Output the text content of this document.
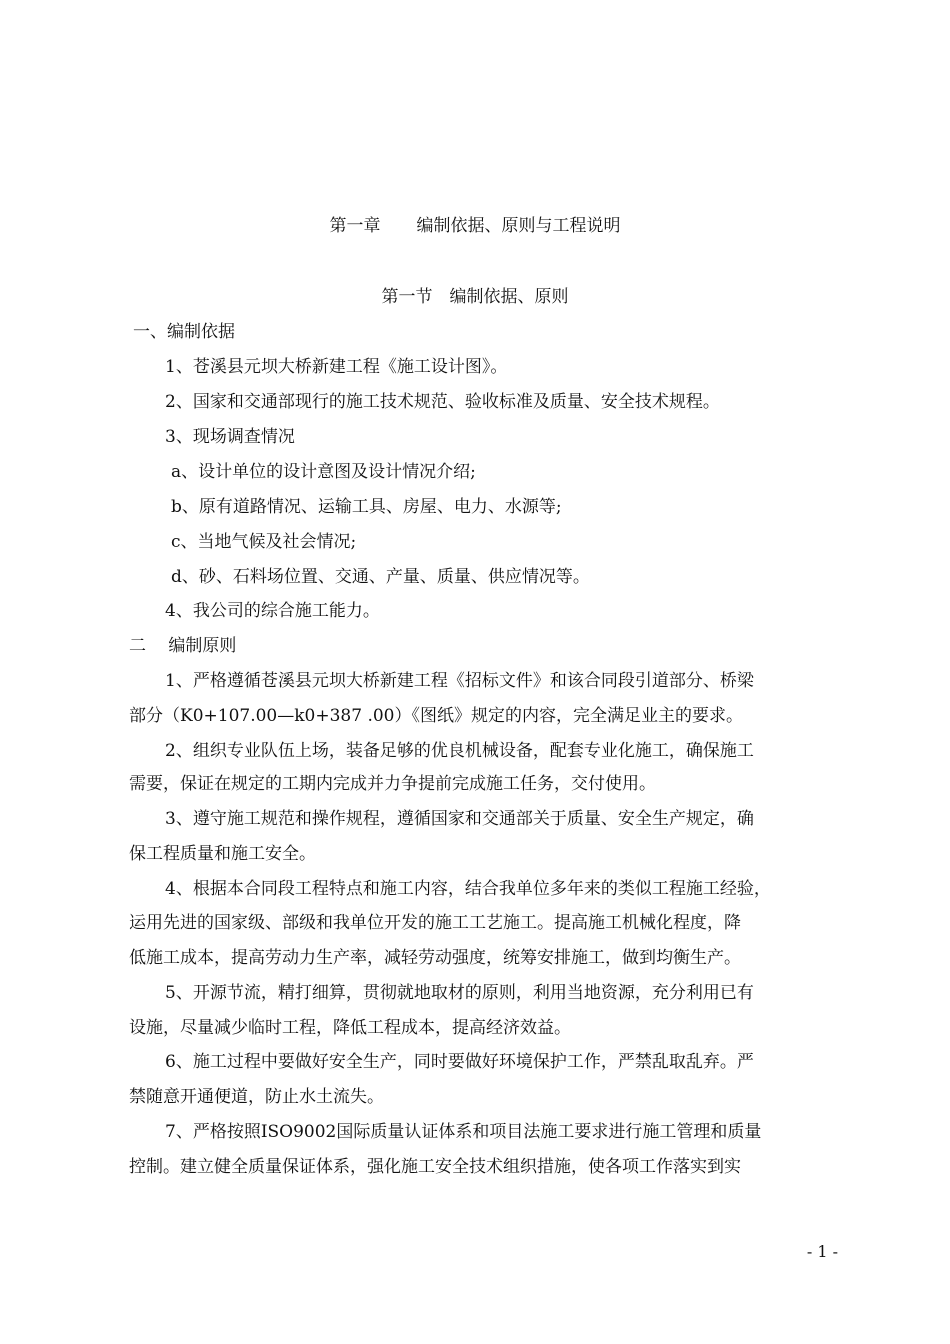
第一章 编制依据、原则与工程说明

第一节　编制依据、原则

一、编制依据

1、苍溪县元坝大桥新建工程《施工设计图》。

2、国家和交通部现行的施工技术规范、验收标准及质量、安全技术规程。

3、现场调查情况

a、设计单位的设计意图及设计情况介绍;

b、原有道路情况、运输工具、房屋、电力、水源等;

c、当地气候及社会情况;

d、砂、石料场位置、交通、产量、质量、供应情况等。

4、我公司的综合施工能力。

二　 编制原则

1、严格遵循苍溪县元坝大桥新建工程《招标文件》和该合同段引道部分、桥梁

部分（K0+107.00—k0+387 .00）《图纸》规定的内容，完全满足业主的要求。

2、组织专业队伍上场，装备足够的优良机械设备，配套专业化施工，确保施工

需要，保证在规定的工期内完成并力争提前完成施工任务，交付使用。

3、遵守施工规范和操作规程，遵循国家和交通部关于质量、安全生产规定，确

保工程质量和施工安全。

4、根据本合同段工程特点和施工内容，结合我单位多年来的类似工程施工经验，

运用先进的国家级、部级和我单位开发的施工工艺施工。提高施工机械化程度，降

低施工成本，提高劳动力生产率，减轻劳动强度，统筹安排施工，做到均衡生产。

5、开源节流，精打细算，贯彻就地取材的原则，利用当地资源，充分利用已有

设施，尽量减少临时工程，降低工程成本，提高经济效益。

6、施工过程中要做好安全生产，同时要做好环境保护工作，严禁乱取乱弃。严

禁随意开通便道，防止水土流失。

7、严格按照ISO9002国际质量认证体系和项目法施工要求进行施工管理和质量

控制。建立健全质量保证体系，强化施工安全技术组织措施，使各项工作落实到实

- 1 -
